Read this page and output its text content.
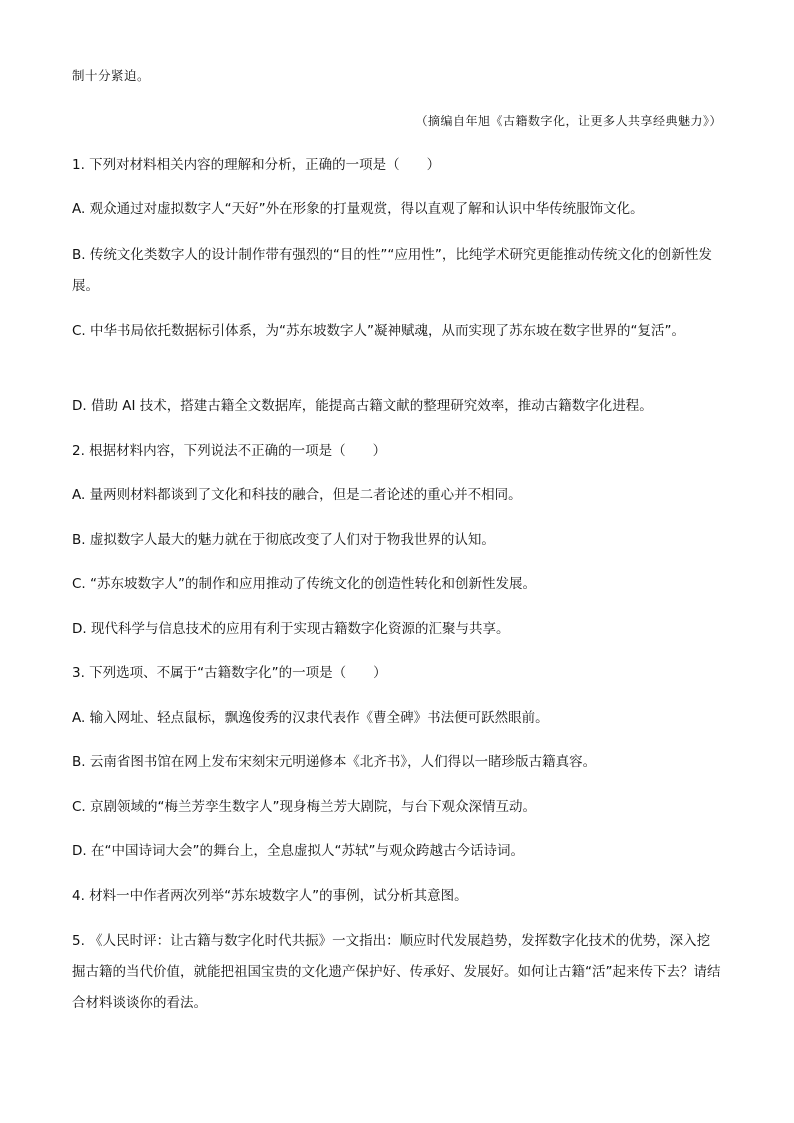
制十分紧迫。
（摘编自年旭《古籍数字化，让更多人共享经典魅力》）
1. 下列对材料相关内容的理解和分析，正确的一项是（　　）
A. 观众通过对虚拟数字人“天好”外在形象的打量观赏，得以直观了解和认识中华传统服饰文化。
B. 传统文化类数字人的设计制作带有强烈的“目的性”“应用性”，比纯学术研究更能推动传统文化的创新性发展。
C. 中华书局依托数据标引体系，为“苏东坡数字人”凝神赋魂，从而实现了苏东坡在数字世界的“复活”。
D. 借助 AI 技术，搭建古籍全文数据库，能提高古籍文献的整理研究效率，推动古籍数字化进程。
2. 根据材料内容，下列说法不正确的一项是（　　）
A. 量两则材料都谈到了文化和科技的融合，但是二者论述的重心并不相同。
B. 虚拟数字人最大的魅力就在于彻底改变了人们对于物我世界的认知。
C. “苏东坡数字人”的制作和应用推动了传统文化的创造性转化和创新性发展。
D. 现代科学与信息技术的应用有利于实现古籍数字化资源的汇聚与共享。
3. 下列选项、不属于“古籍数字化”的一项是（　　）
A. 输入网址、轻点鼠标，飘逸俊秀的汉隶代表作《曹全碑》书法便可跃然眼前。
B. 云南省图书馆在网上发布宋刻宋元明递修本《北齐书》，人们得以一睹珍版古籍真容。
C. 京剧领域的“梅兰芳孪生数字人”现身梅兰芳大剧院，与台下观众深情互动。
D. 在“中国诗词大会”的舞台上，全息虚拟人“苏轼”与观众跨越古今话诗词。
4. 材料一中作者两次列举“苏东坡数字人”的事例，试分析其意图。
5. 《人民时评：让古籍与数字化时代共振》一文指出：顺应时代发展趋势，发挥数字化技术的优势，深入挖掘古籍的当代价值，就能把祖国宝贵的文化遗产保护好、传承好、发展好。如何让古籍“活”起来传下去？请结合材料谈谈你的看法。
